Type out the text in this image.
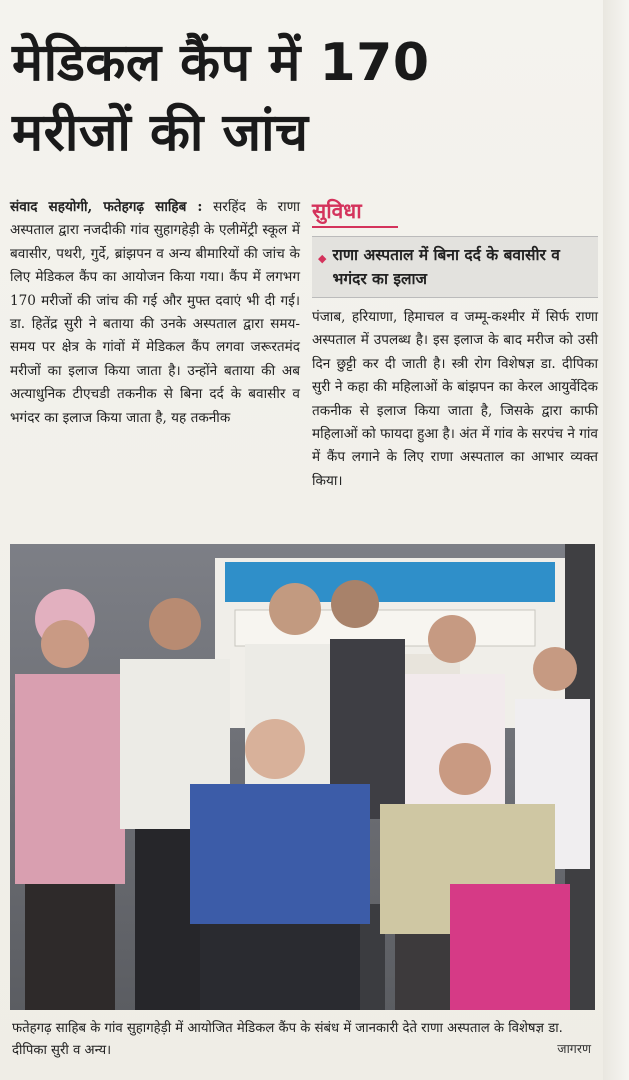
मेडिकल कैंप में 170
मरीजों की जांच
संवाद सहयोगी, फतेहगढ़ साहिब : सरहिंद के राणा अस्पताल द्वारा नजदीकी गांव सुहागहेड़ी के एलीमेंट्री स्कूल में बवासीर, पथरी, गुर्दे, ब्रांझपन व अन्य बीमारियों की जांच के लिए मेडिकल कैंप का आयोजन किया गया। कैंप में लगभग 170 मरीजों की जांच की गई और मुफ्त दवाएं भी दी गई। डा. हितेंद्र सुरी ने बताया की उनके अस्पताल द्वारा समय-समय पर क्षेत्र के गांवों में मेडिकल कैंप लगवा जरूरतमंद मरीजों का इलाज किया जाता है। उन्होंने बताया की अब अत्याधुनिक टीएचडी तकनीक से बिना दर्द के बवासीर व भगंदर का इलाज किया जाता है, यह तकनीक
सुविधा
◆ राणा अस्पताल में बिना दर्द के बवासीर व भगंदर का इलाज
पंजाब, हरियाणा, हिमाचल व जम्मू-कश्मीर में सिर्फ राणा अस्पताल में उपलब्ध है। इस इलाज के बाद मरीज को उसी दिन छुट्टी कर दी जाती है। स्त्री रोग विशेषज्ञ डा. दीपिका सुरी ने कहा की महिलाओं के बांझपन का केरल आयुर्वेदिक तकनीक से इलाज किया जाता है, जिसके द्वारा काफी महिलाओं को फायदा हुआ है। अंत में गांव के सरपंच ने गांव में कैंप लगाने के लिए राणा अस्पताल का आभार व्यक्त किया।
फतेहगढ़ साहिब के गांव सुहागहेड़ी में आयोजित मेडिकल कैंप के संबंध में जानकारी देते राणा अस्पताल के विशेषज्ञ डा. दीपिका सुरी व अन्य।	जागरण
